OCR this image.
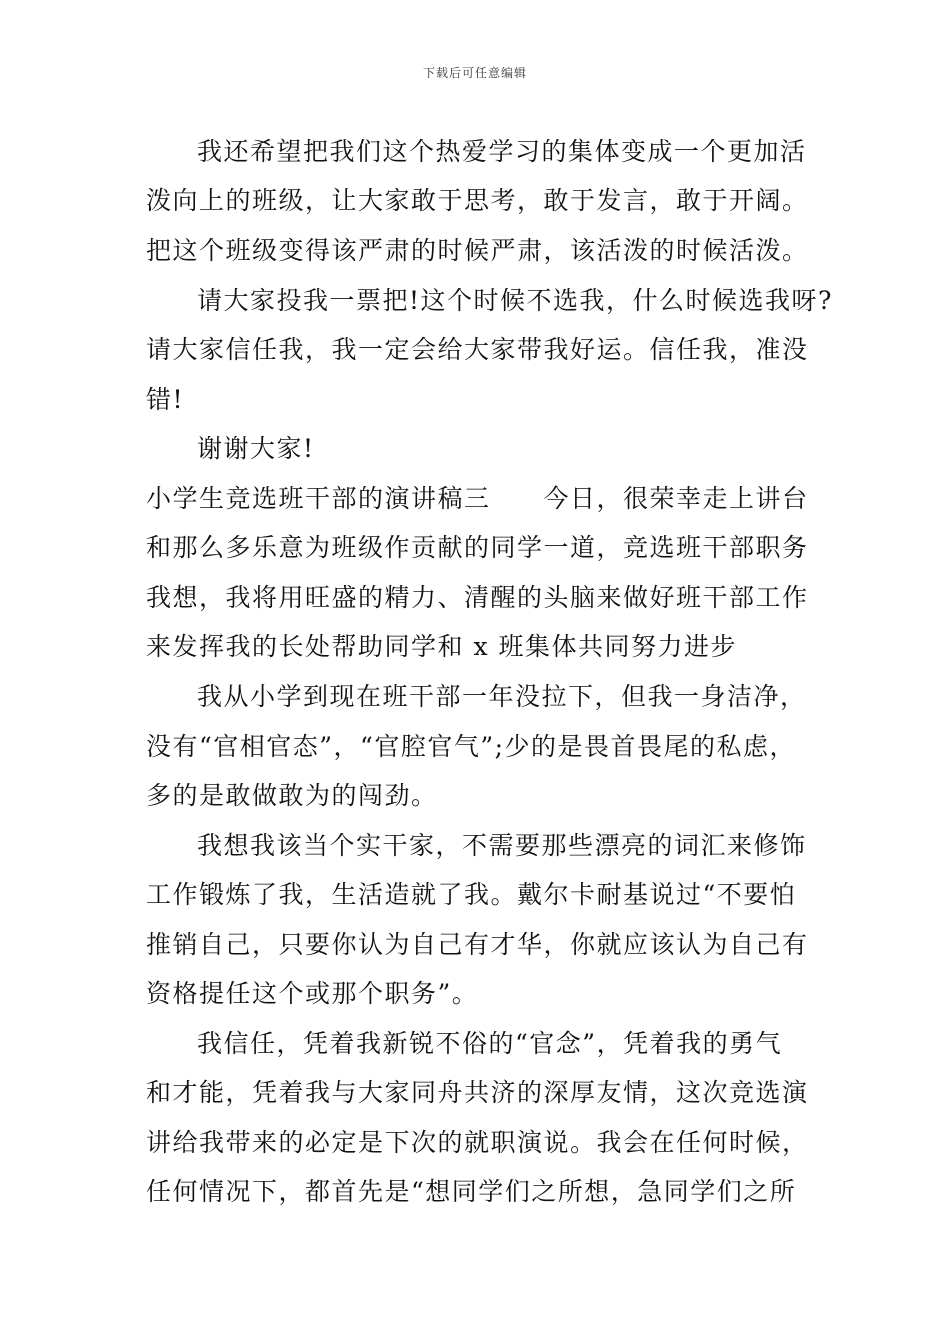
下载后可任意编辑
我还希望把我们这个热爱学习的集体变成一个更加活
泼向上的班级，让大家敢于思考，敢于发言，敢于开阔。
把这个班级变得该严肃的时候严肃，该活泼的时候活泼。
请大家投我一票把!这个时候不选我，什么时候选我呀?
请大家信任我，我一定会给大家带我好运。信任我，准没
错!
谢谢大家!
小学生竞选班干部的演讲稿三　　今日，很荣幸走上讲台
和那么多乐意为班级作贡献的同学一道，竞选班干部职务
我想，我将用旺盛的精力、清醒的头脑来做好班干部工作
来发挥我的长处帮助同学和 x 班集体共同努力进步
我从小学到现在班干部一年没拉下，但我一身洁净，
没有“官相官态”，“官腔官气”;少的是畏首畏尾的私虑，
多的是敢做敢为的闯劲。
我想我该当个实干家，不需要那些漂亮的词汇来修饰
工作锻炼了我，生活造就了我。戴尔卡耐基说过“不要怕
推销自己，只要你认为自己有才华，你就应该认为自己有
资格提任这个或那个职务”。
我信任，凭着我新锐不俗的“官念”，凭着我的勇气
和才能，凭着我与大家同舟共济的深厚友情，这次竞选演
讲给我带来的必定是下次的就职演说。我会在任何时候，
任何情况下，都首先是“想同学们之所想，急同学们之所
